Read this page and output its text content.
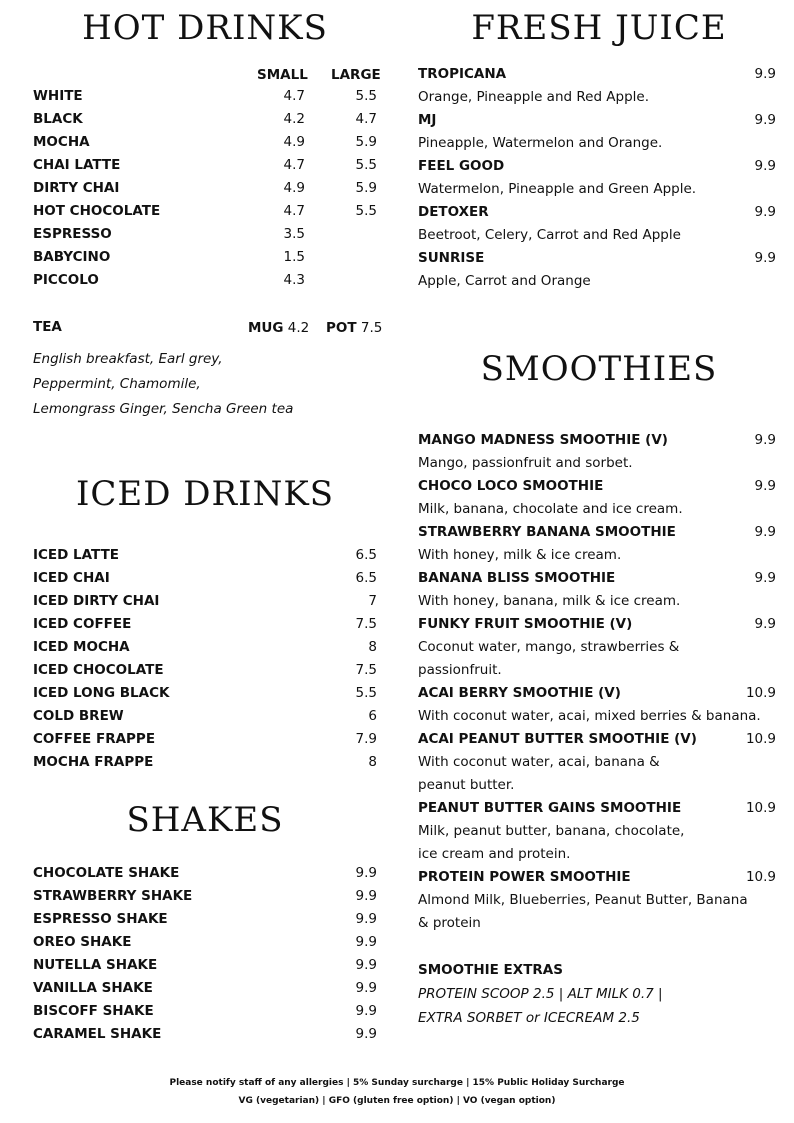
HOT DRINKS	FRESH JUICE
ICED DRINKS
SMOOTHIES
SHAKES
SMALL LARGE
WHITE	4.7	5.5
BLACK	4.2	4.7
MOCHA	4.9	5.9
CHAI LATTE	4.7	5.5
DIRTY CHAI	4.9	5.9
HOT CHOCOLATE	4.7	5.5
ESPRESSO	3.5
BABYCINO	1.5
PICCOLO	4.3
TEA	MUG 4.2 POT 7.5
English breakfast, Earl grey,
Peppermint, Chamomile,
Lemongrass Ginger, Sencha Green tea
ICED LATTE	6.5
ICED CHAI	6.5
ICED DIRTY CHAI	7
ICED COFFEE	7.5
ICED MOCHA	8
ICED CHOCOLATE	7.5
ICED LONG BLACK	5.5
COLD BREW	6
COFFEE FRAPPE	7.9
MOCHA FRAPPE	8
CHOCOLATE SHAKE	9.9
STRAWBERRY SHAKE	9.9
ESPRESSO SHAKE	9.9
OREO SHAKE	9.9
NUTELLA SHAKE	9.9
VANILLA SHAKE	9.9
BISCOFF SHAKE	9.9
CARAMEL SHAKE	9.9
TROPICANA	9.9
Orange, Pineapple and Red Apple.
MJ	9.9
Pineapple, Watermelon and Orange.
FEEL GOOD	9.9
Watermelon, Pineapple and Green Apple.
DETOXER	9.9
Beetroot, Celery, Carrot and Red Apple
SUNRISE	9.9
Apple, Carrot and Orange
MANGO MADNESS SMOOTHIE (V)	9.9
Mango, passionfruit and sorbet.
CHOCO LOCO SMOOTHIE	9.9
Milk, banana, chocolate and ice cream.
STRAWBERRY BANANA SMOOTHIE	9.9
With honey, milk & ice cream.
BANANA BLISS SMOOTHIE	9.9
With honey, banana, milk & ice cream.
FUNKY FRUIT SMOOTHIE (V)	9.9
Coconut water, mango, strawberries &
passionfruit.
ACAI BERRY SMOOTHIE (V)	10.9
With coconut water, acai, mixed berries & banana.
ACAI PEANUT BUTTER SMOOTHIE (V)	10.9
With coconut water, acai, banana &
peanut butter.
PEANUT BUTTER GAINS SMOOTHIE	10.9
Milk, peanut butter, banana, chocolate,
ice cream and protein.
PROTEIN POWER SMOOTHIE	10.9
Almond Milk, Blueberries, Peanut Butter, Banana
& protein
SMOOTHIE EXTRAS
PROTEIN SCOOP 2.5 | ALT MILK 0.7 |
EXTRA SORBET or ICECREAM 2.5
Please notify staff of any allergies | 5% Sunday surcharge | 15% Public Holiday Surcharge
VG (vegetarian) | GFO (gluten free option) | VO (vegan option)
